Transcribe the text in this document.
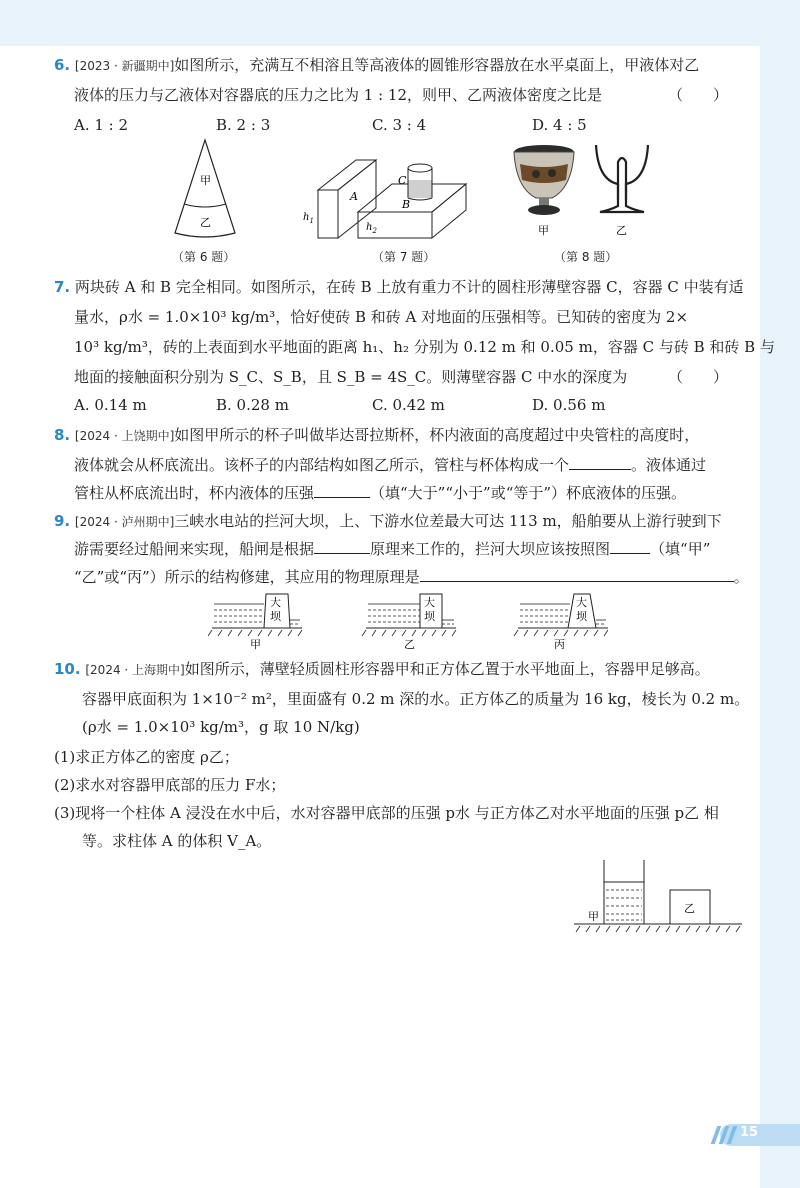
6. [2023 · 新疆期中]如图所示，充满互不相溶且等高液体的圆锥形容器放在水平桌面上，甲液体对乙
液体的压力与乙液体对容器底的压力之比为 1 : 12，则甲、乙两液体密度之比是	（　　）
A. 1 : 2	B. 2 : 3	C. 3 : 4	D. 4 : 5
甲
乙
（第 6 题）
A
B
C
$h_1$
$h_2$
（第 7 题）
甲	乙
（第 8 题）
7. 两块砖 A 和 B 完全相同。如图所示，在砖 B 上放有重力不计的圆柱形薄壁容器 C，容器 C 中装有适
量水，ρ水 = 1.0×10³ kg/m³，恰好使砖 B 和砖 A 对地面的压强相等。已知砖的密度为 2×
10³ kg/m³，砖的上表面到水平地面的距离 h₁、h₂ 分别为 0.12 m 和 0.05 m，容器 C 与砖 B 和砖 B 与
地面的接触面积分别为 S_C、S_B，且 S_B = 4S_C。则薄壁容器 C 中水的深度为	（　　）
A. 0.14 m	B. 0.28 m	C. 0.42 m	D. 0.56 m
8. [2024 · 上饶期中]如图甲所示的杯子叫做毕达哥拉斯杯，杯内液面的高度超过中央管柱的高度时，
液体就会从杯底流出。该杯子的内部结构如图乙所示，管柱与杯体构成一个	。液体通过
管柱从杯底流出时，杯内液体的压强	（填“大于”“小于”或“等于”）杯底液体的压强。
9. [2024 · 泸州期中]三峡水电站的拦河大坝，上、下游水位差最大可达 113 m，船舶要从上游行驶到下
游需要经过船闸来实现，船闸是根据	原理来工作的，拦河大坝应该按照图	（填“甲”
“乙”或“丙”）所示的结构修建，其应用的物理原理是	。
大
坝
甲
大
坝
乙
大
坝
丙
10. [2024 · 上海期中]如图所示，薄壁轻质圆柱形容器甲和正方体乙置于水平地面上，容器甲足够高。
容器甲底面积为 1×10⁻² m²，里面盛有 0.2 m 深的水。正方体乙的质量为 16 kg，棱长为 0.2 m。
(ρ水 = 1.0×10³ kg/m³，g 取 10 N/kg)
(1)求正方体乙的密度 ρ乙；
(2)求水对容器甲底部的压力 F水；
(3)现将一个柱体 A 浸没在水中后，水对容器甲底部的压强 p水 与正方体乙对水平地面的压强 p乙 相
等。求柱体 A 的体积 V_A。
甲
乙
15
